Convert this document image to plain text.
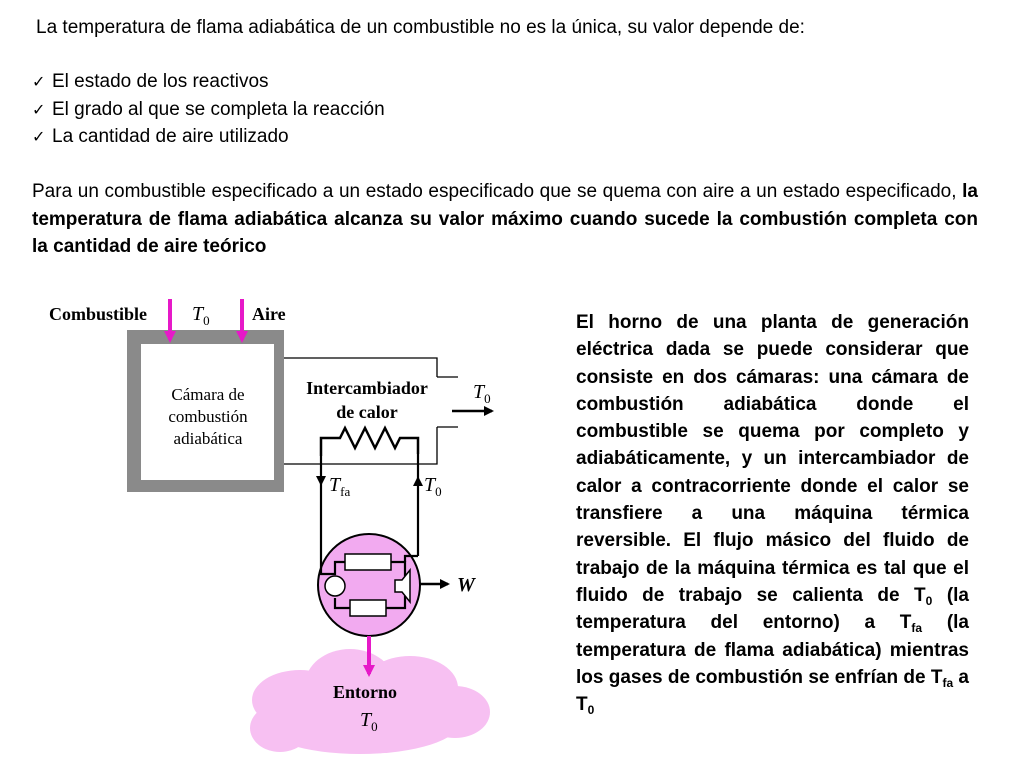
La temperatura de flama adiabática de un combustible no es la única, su valor depende de:
✓ El estado de los reactivos
✓ El grado al que se completa la reacción
✓ La cantidad de aire utilizado
Para un combustible especificado a un estado especificado que se quema con aire a un estado especificado, la temperatura de flama adiabática alcanza su valor máximo cuando sucede la combustión completa con la cantidad de aire teórico
El horno de una planta de generación eléctrica dada se puede considerar que consiste en dos cámaras: una cámara de combustión adiabática donde el combustible se quema por completo y adiabáticamente, y un intercambiador de calor a contracorriente donde el calor se transfiere a una máquina térmica reversible. El flujo másico del fluido de trabajo de la máquina térmica es tal que el fluido de trabajo se calienta de $T_0$ (la temperatura del entorno) a $T_{fa}$ (la temperatura de flama adiabática) mientras los gases de combustión se enfrían de $T_{fa}$ a $T_0$
Combustible	Aire
$T_0$
Cámara de
combustión
adiabática
Intercambiador
de calor
$T_0$
$T_{fa}$	$T_0$
W
Entorno
$T_0$
